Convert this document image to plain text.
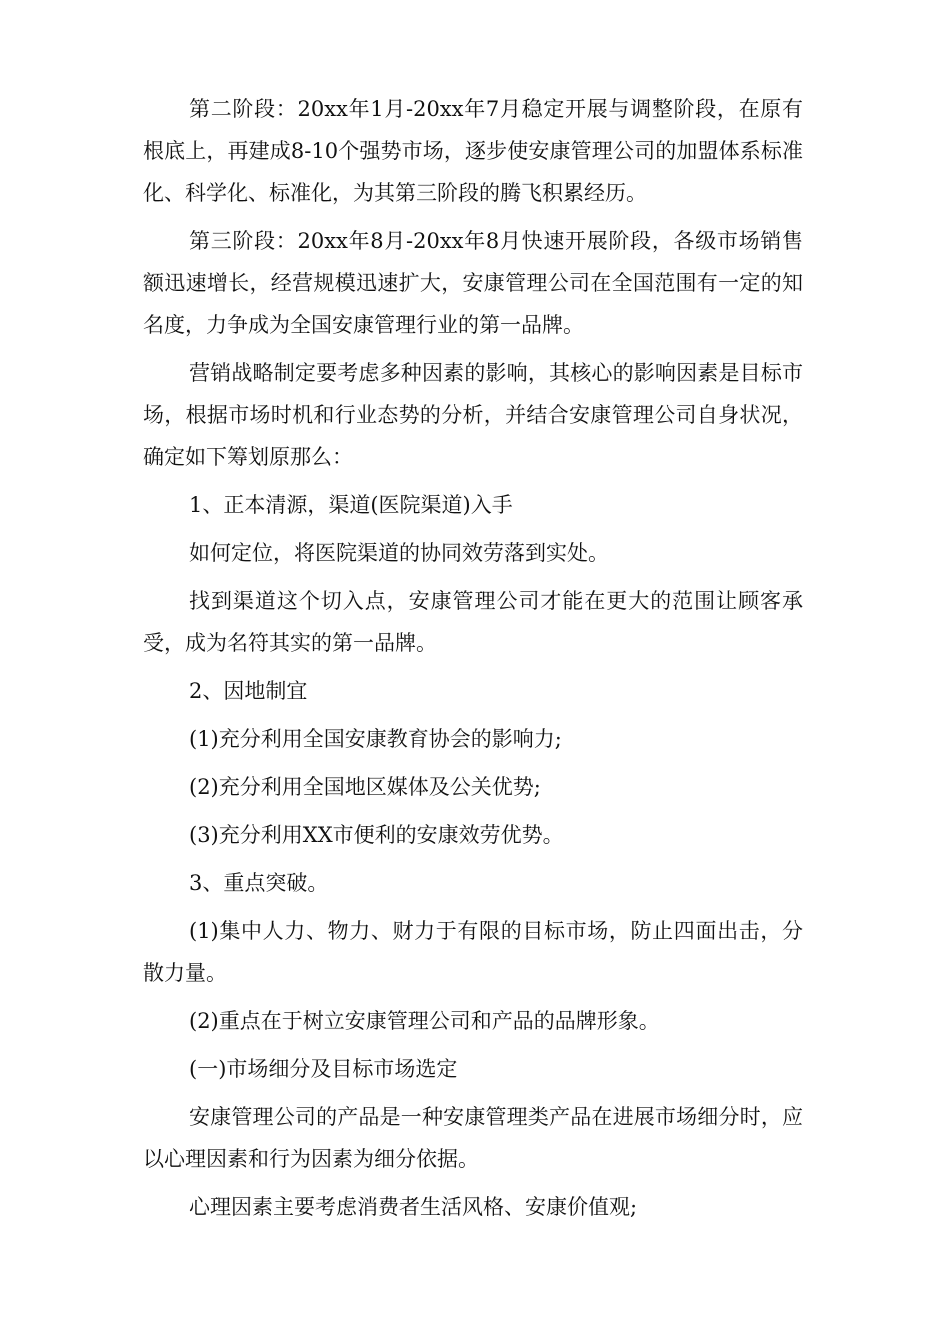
第二阶段：20xx年1月-20xx年7月稳定开展与调整阶段，在原有根底上，再建成8-10个强势市场，逐步使安康管理公司的加盟体系标准化、科学化、标准化，为其第三阶段的腾飞积累经历。

第三阶段：20xx年8月-20xx年8月快速开展阶段，各级市场销售额迅速增长，经营规模迅速扩大，安康管理公司在全国范围有一定的知名度，力争成为全国安康管理行业的第一品牌。

营销战略制定要考虑多种因素的影响，其核心的影响因素是目标市场，根据市场时机和行业态势的分析，并结合安康管理公司自身状况，确定如下筹划原那么：

1、正本清源，渠道(医院渠道)入手

如何定位，将医院渠道的协同效劳落到实处。

找到渠道这个切入点，安康管理公司才能在更大的范围让顾客承受，成为名符其实的第一品牌。

2、因地制宜

(1)充分利用全国安康教育协会的影响力;

(2)充分利用全国地区媒体及公关优势;

(3)充分利用XX市便利的安康效劳优势。

3、重点突破。

(1)集中人力、物力、财力于有限的目标市场，防止四面出击，分散力量。

(2)重点在于树立安康管理公司和产品的品牌形象。

(一)市场细分及目标市场选定

安康管理公司的产品是一种安康管理类产品在进展市场细分时，应以心理因素和行为因素为细分依据。

心理因素主要考虑消费者生活风格、安康价值观;
